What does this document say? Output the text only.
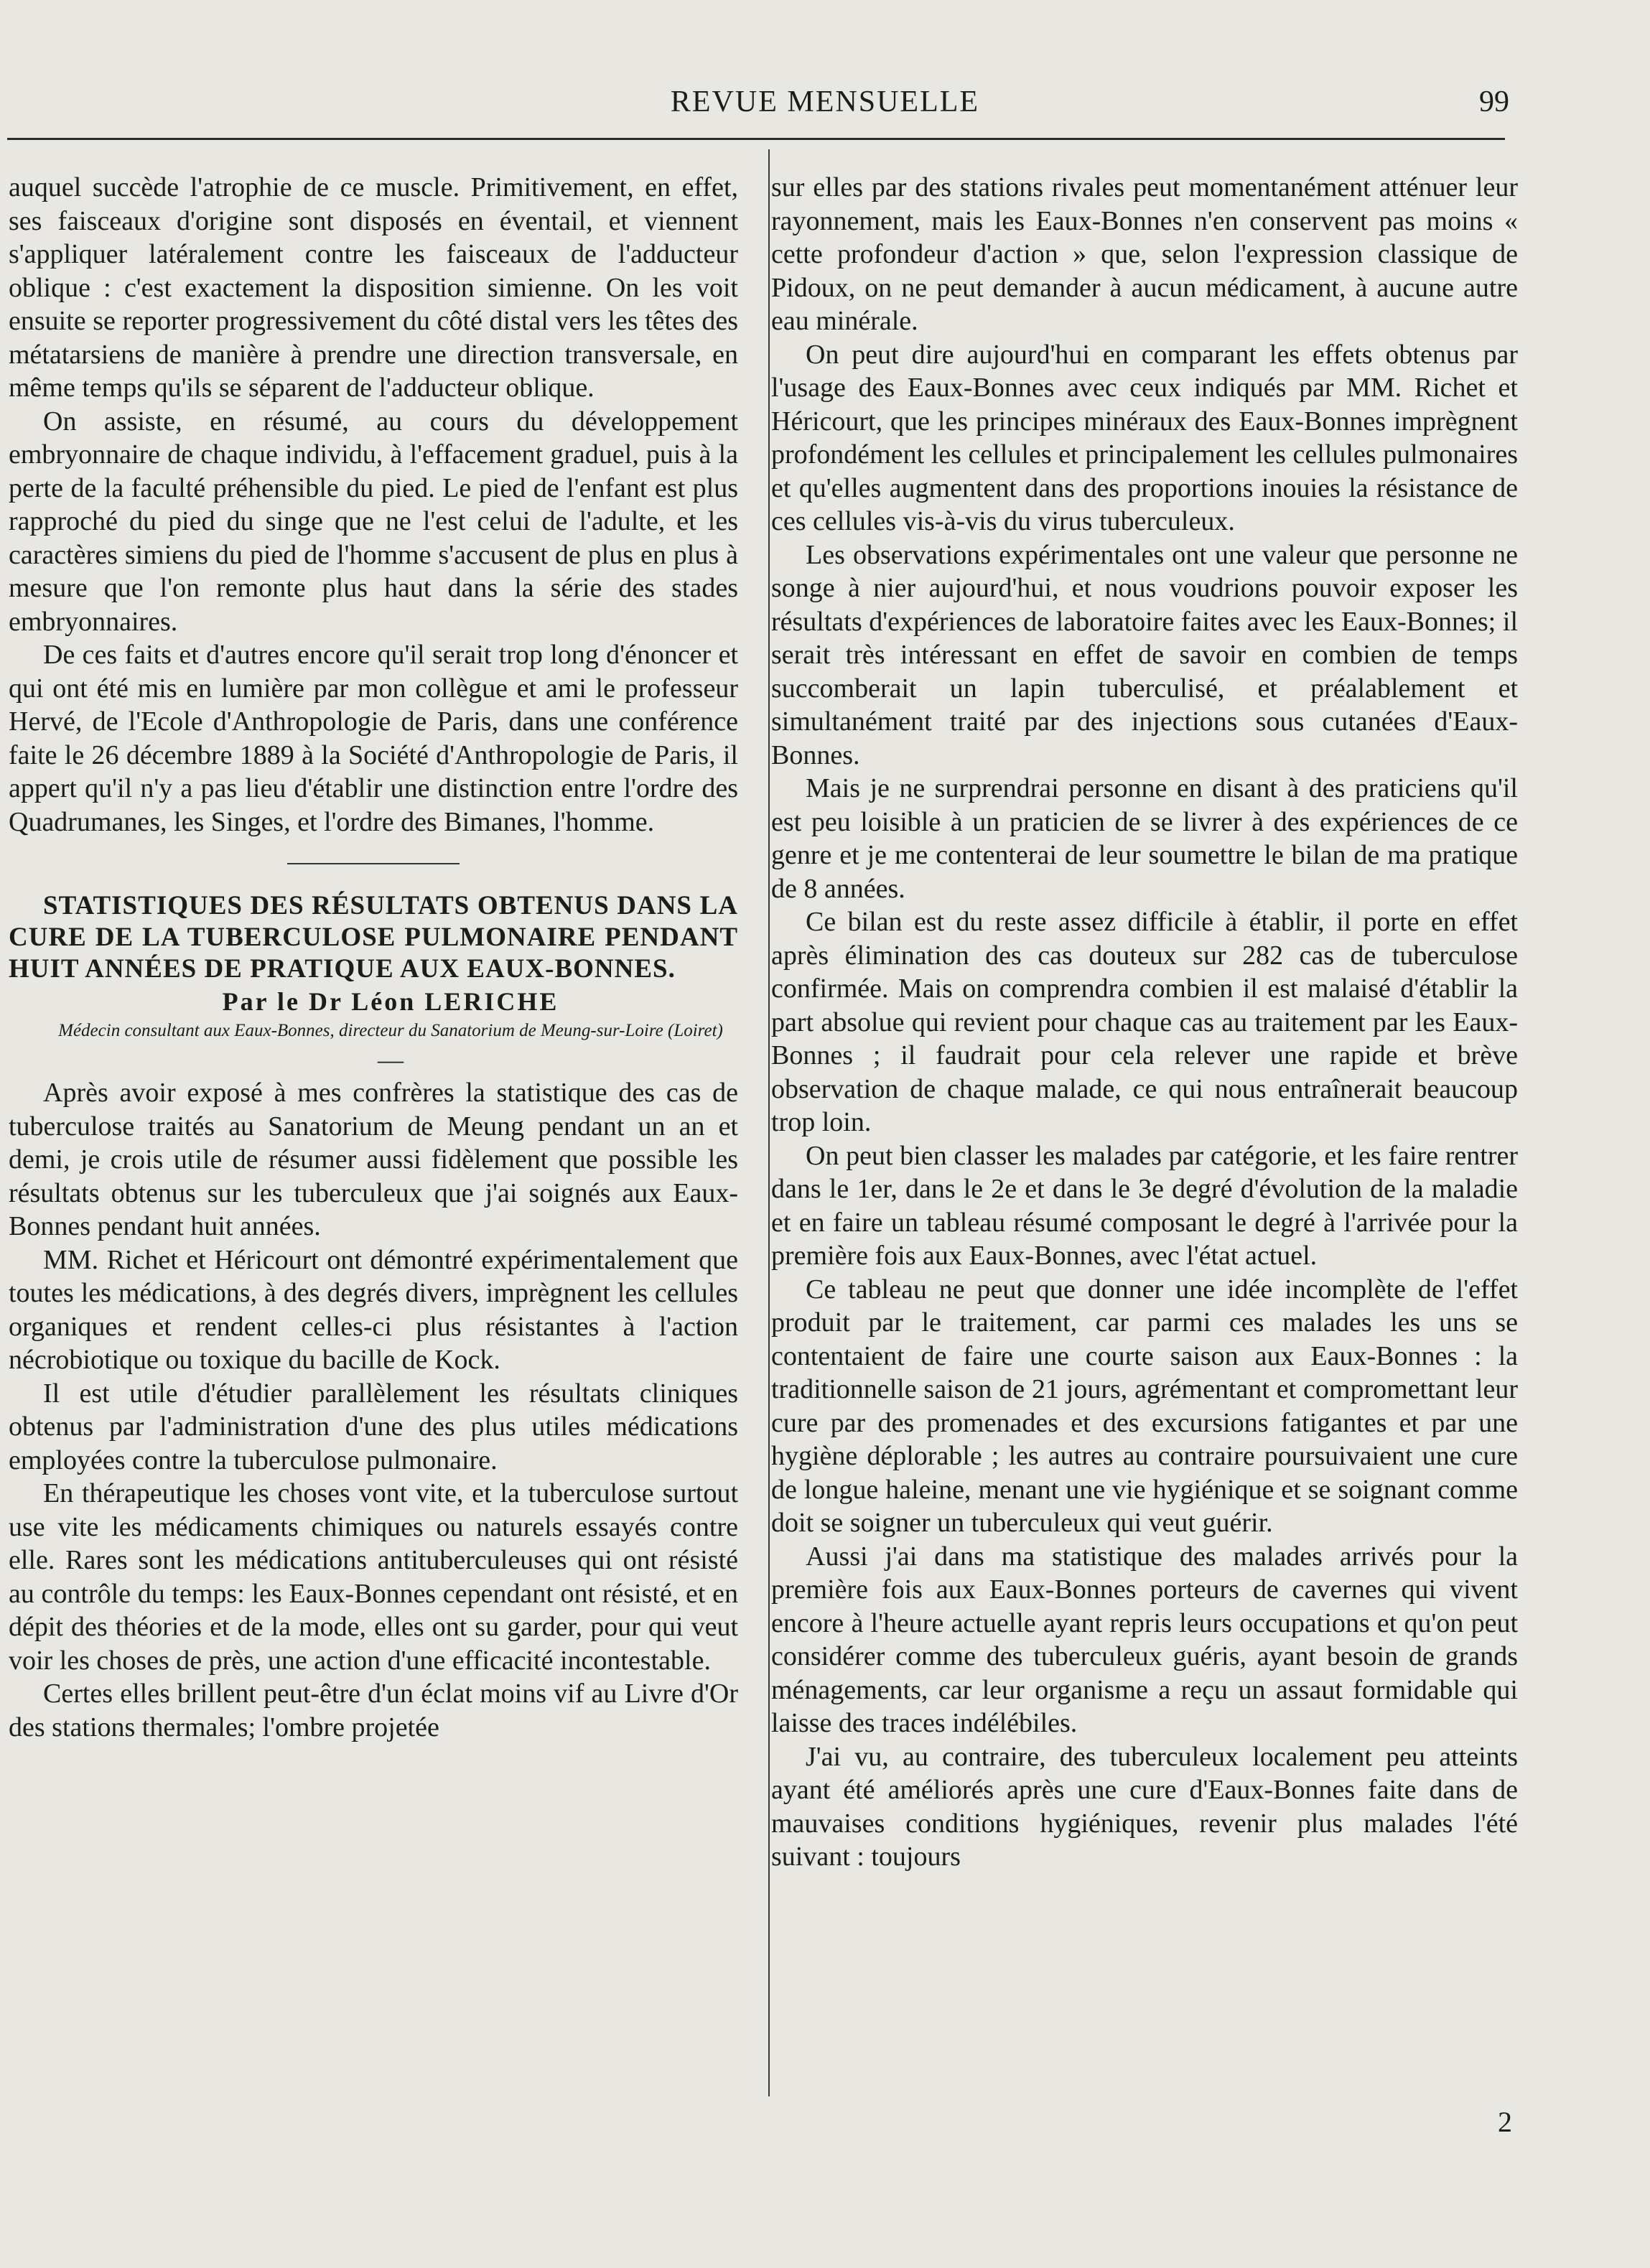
REVUE MENSUELLE	99

auquel succède l'atrophie de ce muscle. Primitivement, en effet, ses faisceaux d'origine sont disposés en éventail, et viennent s'appliquer latéralement contre les faisceaux de l'adducteur oblique : c'est exactement la disposition simienne. On les voit ensuite se reporter progressivement du côté distal vers les têtes des métatarsiens de manière à prendre une direction transversale, en même temps qu'ils se séparent de l'adducteur oblique.

On assiste, en résumé, au cours du développement embryonnaire de chaque individu, à l'effacement graduel, puis à la perte de la faculté préhensible du pied. Le pied de l'enfant est plus rapproché du pied du singe que ne l'est celui de l'adulte, et les caractères simiens du pied de l'homme s'accusent de plus en plus à mesure que l'on remonte plus haut dans la série des stades embryonnaires.

De ces faits et d'autres encore qu'il serait trop long d'énoncer et qui ont été mis en lumière par mon collègue et ami le professeur Hervé, de l'Ecole d'Anthropologie de Paris, dans une conférence faite le 26 décembre 1889 à la Société d'Anthropologie de Paris, il appert qu'il n'y a pas lieu d'établir une distinction entre l'ordre des Quadrumanes, les Singes, et l'ordre des Bimanes, l'homme.

STATISTIQUES DES RÉSULTATS OBTENUS DANS LA CURE DE LA TUBERCULOSE PULMONAIRE PENDANT HUIT ANNÉES DE PRATIQUE AUX EAUX-BONNES.

Par le Dr Léon LERICHE

Médecin consultant aux Eaux-Bonnes, directeur du Sanatorium de Meung-sur-Loire (Loiret)

—

Après avoir exposé à mes confrères la statistique des cas de tuberculose traités au Sanatorium de Meung pendant un an et demi, je crois utile de résumer aussi fidèlement que possible les résultats obtenus sur les tuberculeux que j'ai soignés aux Eaux-Bonnes pendant huit années.

MM. Richet et Héricourt ont démontré expérimentalement que toutes les médications, à des degrés divers, imprègnent les cellules organiques et rendent celles-ci plus résistantes à l'action nécrobiotique ou toxique du bacille de Kock.

Il est utile d'étudier parallèlement les résultats cliniques obtenus par l'administration d'une des plus utiles médications employées contre la tuberculose pulmonaire.

En thérapeutique les choses vont vite, et la tuberculose surtout use vite les médicaments chimiques ou naturels essayés contre elle. Rares sont les médications antituberculeuses qui ont résisté au contrôle du temps: les Eaux-Bonnes cependant ont résisté, et en dépit des théories et de la mode, elles ont su garder, pour qui veut voir les choses de près, une action d'une efficacité incontestable.

Certes elles brillent peut-être d'un éclat moins vif au Livre d'Or des stations thermales; l'ombre projetée

sur elles par des stations rivales peut momentanément atténuer leur rayonnement, mais les Eaux-Bonnes n'en conservent pas moins « cette profondeur d'action » que, selon l'expression classique de Pidoux, on ne peut demander à aucun médicament, à aucune autre eau minérale.

On peut dire aujourd'hui en comparant les effets obtenus par l'usage des Eaux-Bonnes avec ceux indiqués par MM. Richet et Héricourt, que les principes minéraux des Eaux-Bonnes imprègnent profondément les cellules et principalement les cellules pulmonaires et qu'elles augmentent dans des proportions inouies la résistance de ces cellules vis-à-vis du virus tuberculeux.

Les observations expérimentales ont une valeur que personne ne songe à nier aujourd'hui, et nous voudrions pouvoir exposer les résultats d'expériences de laboratoire faites avec les Eaux-Bonnes; il serait très intéressant en effet de savoir en combien de temps succomberait un lapin tuberculisé, et préalablement et simultanément traité par des injections sous cutanées d'Eaux-Bonnes.

Mais je ne surprendrai personne en disant à des praticiens qu'il est peu loisible à un praticien de se livrer à des expériences de ce genre et je me contenterai de leur soumettre le bilan de ma pratique de 8 années.

Ce bilan est du reste assez difficile à établir, il porte en effet après élimination des cas douteux sur 282 cas de tuberculose confirmée. Mais on comprendra combien il est malaisé d'établir la part absolue qui revient pour chaque cas au traitement par les Eaux-Bonnes ; il faudrait pour cela relever une rapide et brève observation de chaque malade, ce qui nous entraînerait beaucoup trop loin.

On peut bien classer les malades par catégorie, et les faire rentrer dans le 1er, dans le 2e et dans le 3e degré d'évolution de la maladie et en faire un tableau résumé composant le degré à l'arrivée pour la première fois aux Eaux-Bonnes, avec l'état actuel.

Ce tableau ne peut que donner une idée incomplète de l'effet produit par le traitement, car parmi ces malades les uns se contentaient de faire une courte saison aux Eaux-Bonnes : la traditionnelle saison de 21 jours, agrémentant et compromettant leur cure par des promenades et des excursions fatigantes et par une hygiène déplorable ; les autres au contraire poursuivaient une cure de longue haleine, menant une vie hygiénique et se soignant comme doit se soigner un tuberculeux qui veut guérir.

Aussi j'ai dans ma statistique des malades arrivés pour la première fois aux Eaux-Bonnes porteurs de cavernes qui vivent encore à l'heure actuelle ayant repris leurs occupations et qu'on peut considérer comme des tuberculeux guéris, ayant besoin de grands ménagements, car leur organisme a reçu un assaut formidable qui laisse des traces indélébiles.

J'ai vu, au contraire, des tuberculeux localement peu atteints ayant été améliorés après une cure d'Eaux-Bonnes faite dans de mauvaises conditions hygiéniques, revenir plus malades l'été suivant : toujours

2
